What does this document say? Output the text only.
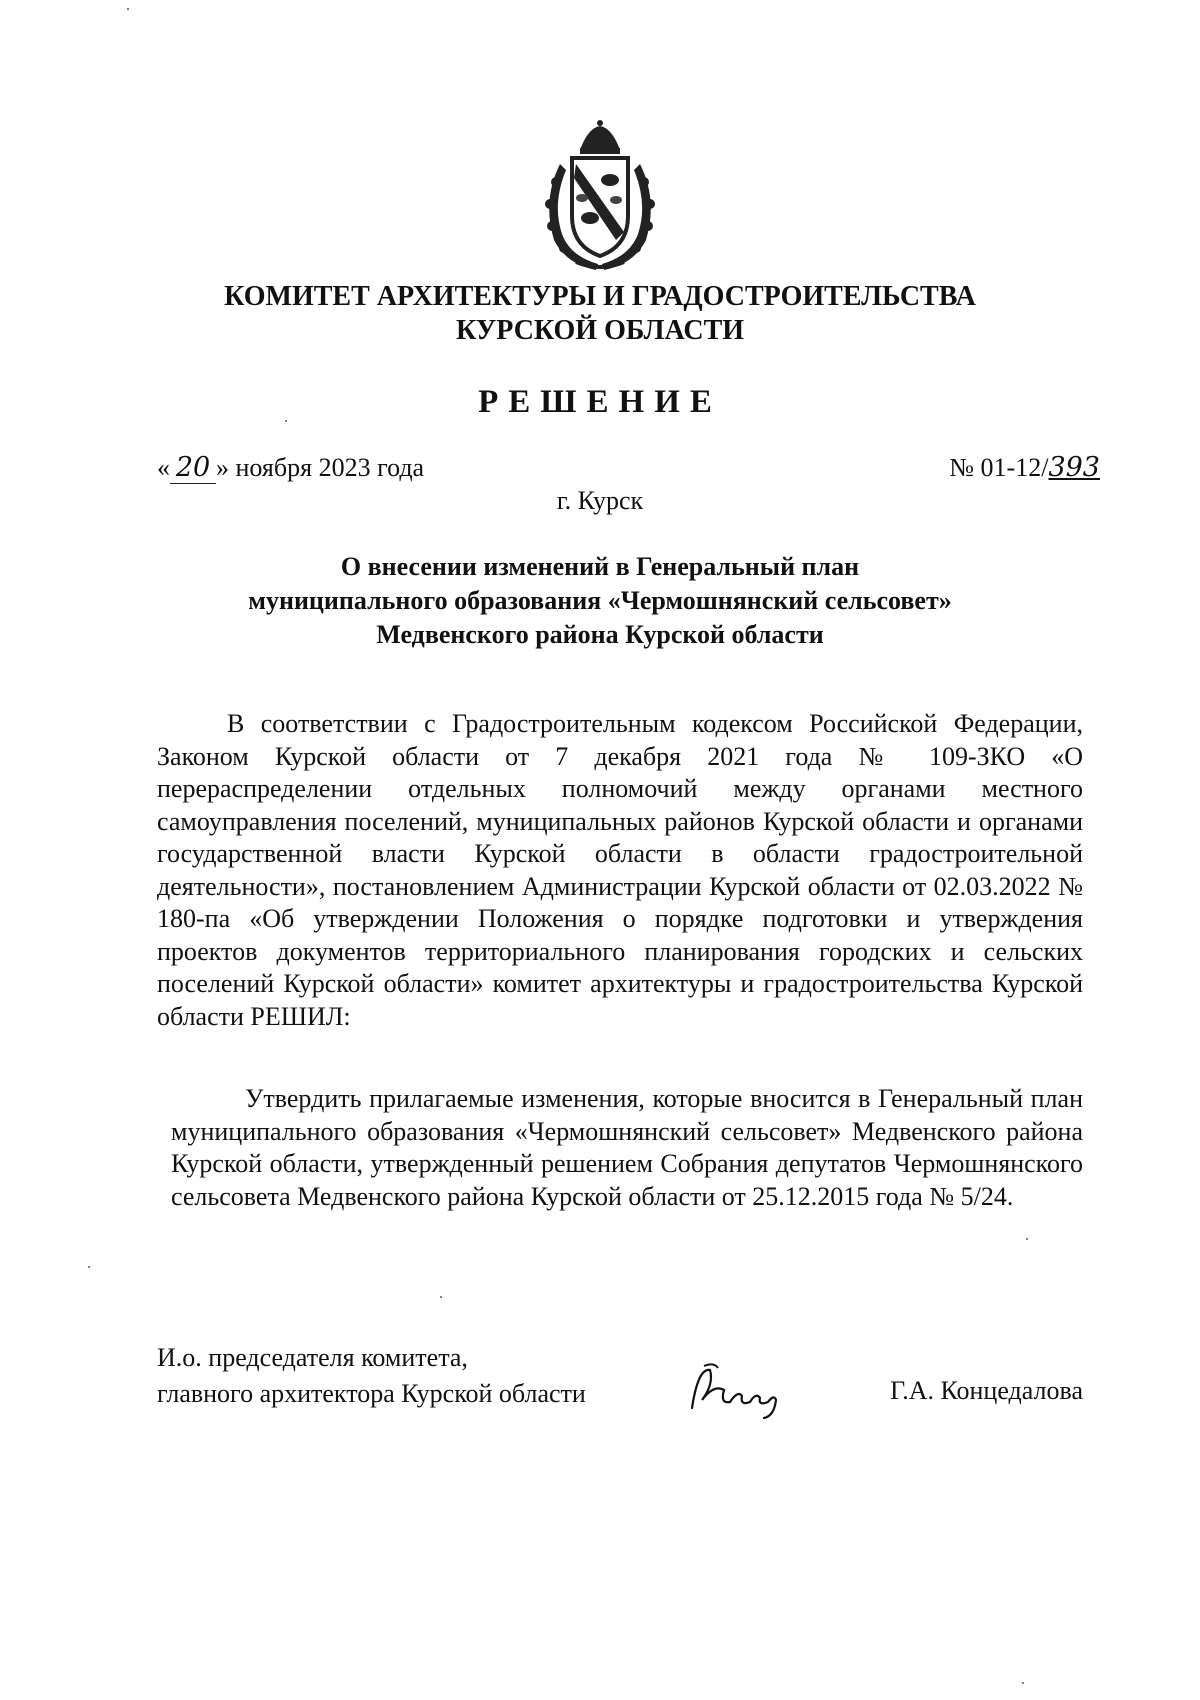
КОМИТЕТ АРХИТЕКТУРЫ И ГРАДОСТРОИТЕЛЬСТВА
КУРСКОЙ ОБЛАСТИ
РЕШЕНИЕ
« 20 » ноября 2023 года	№ 01-12/393
г. Курск
О внесении изменений в Генеральный план
муниципального образования «Чермошнянский сельсовет»
Медвенского района Курской области

В соответствии с Градостроительным кодексом Российской Федерации, Законом Курской области от 7 декабря 2021 года № 109-ЗКО «О перераспределении отдельных полномочий между органами местного самоуправления поселений, муниципальных районов Курской области и органами государственной власти Курской области в области градостроительной деятельности», постановлением Администрации Курской области от 02.03.2022 № 180-па «Об утверждении Положения о порядке подготовки и утверждения проектов документов территориального планирования городских и сельских поселений Курской области» комитет архитектуры и градостроительства Курской области РЕШИЛ:

Утвердить прилагаемые изменения, которые вносится в Генеральный план муниципального образования «Чермошнянский сельсовет» Медвенского района Курской области, утвержденный решением Собрания депутатов Чермошнянского сельсовета Медвенского района Курской области от 25.12.2015 года № 5/24.

И.о. председателя комитета,
главного архитектора Курской области	Г.А. Концедалова
